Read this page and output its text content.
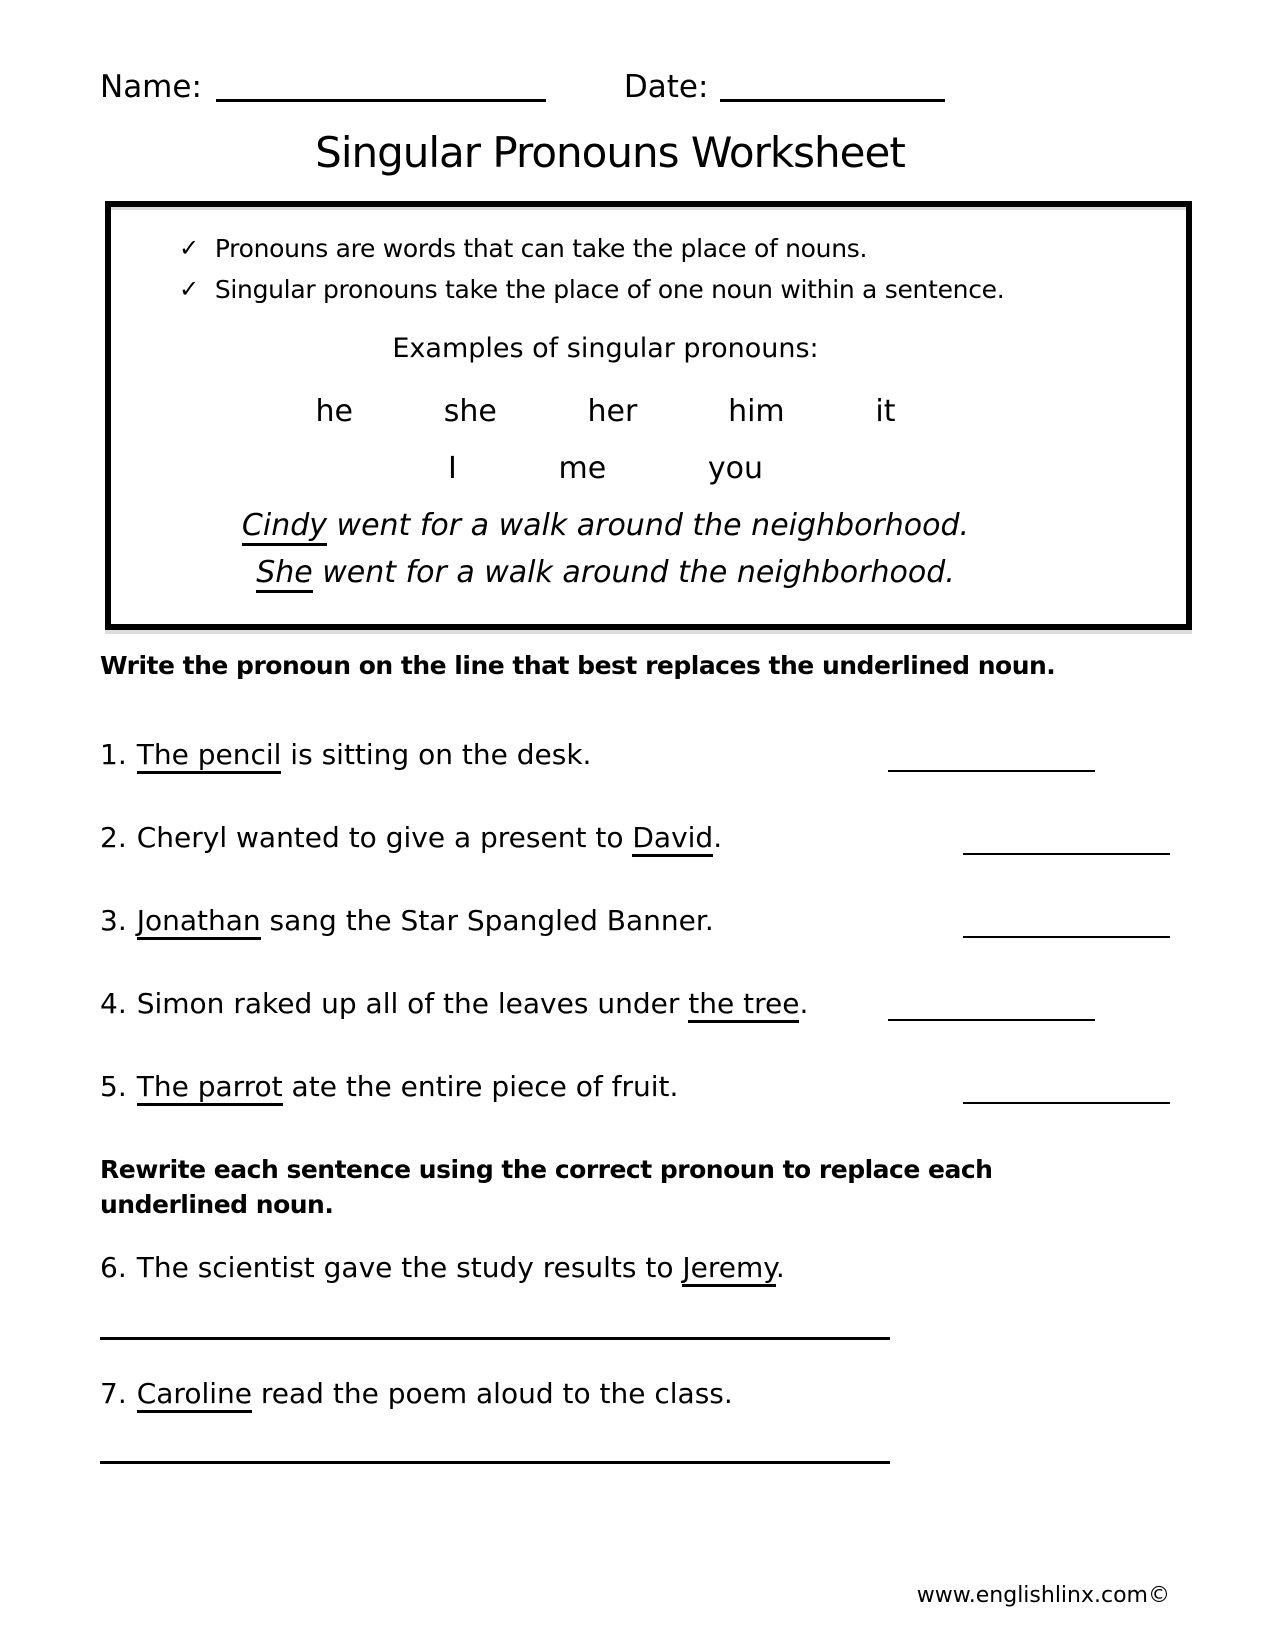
Name:	Date:
Singular Pronouns Worksheet
✓ Pronouns are words that can take the place of nouns.
✓ Singular pronouns take the place of one noun within a sentence.
Examples of singular pronouns:
he	she	her	him	it
I	me	you
Cindy went for a walk around the neighborhood.
She went for a walk around the neighborhood.

Write the pronoun on the line that best replaces the underlined noun.

1. The pencil is sitting on the desk.
2. Cheryl wanted to give a present to David.
3. Jonathan sang the Star Spangled Banner.
4. Simon raked up all of the leaves under the tree.
5. The parrot ate the entire piece of fruit.

Rewrite each sentence using the correct pronoun to replace each underlined noun.

6. The scientist gave the study results to Jeremy.
7. Caroline read the poem aloud to the class.
www.englishlinx.com©
